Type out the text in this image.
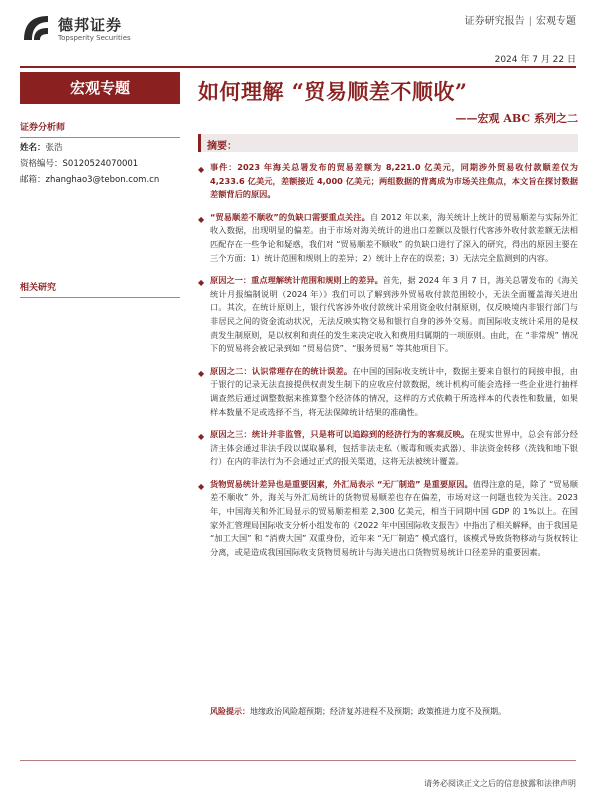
德邦证券
Topsperity Securities
证券研究报告 | 宏观专题
2024 年 7 月 22 日
宏观专题
证券分析师
姓名：张浩
资格编号：S0120524070001
邮箱：zhanghao3@tebon.com.cn
相关研究
如何理解 “贸易顺差不顺收”
——宏观 ABC 系列之二
摘要：
◆ 事件：2023 年海关总署发布的贸易差额为 8,221.0 亿美元，同期涉外贸易收付款顺差仅为 4,233.6 亿美元，差额接近 4,000 亿美元；两组数据的背离成为市场关注焦点，本文旨在探讨数据差额背后的原因。
◆ “贸易顺差不顺收”的负缺口需要重点关注。自 2012 年以来，海关统计上统计的贸易顺差与实际外汇收入数据，出现明显的偏差。由于市场对海关统计的进出口差额以及银行代客涉外收付款差额无法相匹配存在一些争论和疑惑，我们对 “贸易顺差不顺收” 的负缺口进行了深入的研究，得出的原因主要在三个方面：1）统计范围和规则上的差异；2）统计上存在的误差；3）无法完全监测到的内容。
◆ 原因之一：重点理解统计范围和规则上的差异。首先，据 2024 年 3 月 7 日，海关总署发布的《海关统计月报编制说明（2024 年）》我们可以了解到涉外贸易收付款范围较小，无法全面覆盖海关进出口。其次，在统计原则上，银行代客涉外收付款统计采用资金收付制原则，仅反映境内非银行部门与非居民之间的资金流动状况，无法反映实物交易和银行自身的涉外交易。而国际收支统计采用的是权责发生制原则，是以权利和责任的发生来决定收入和费用归属期的一项原则。由此，在 “非常规” 情况下的贸易将会被记录到如 “贸易信贷”、“服务贸易” 等其他项目下。
◆ 原因之二：认识常理存在的统计误差。在中国的国际收支统计中，数据主要来自银行的间接申报，由于银行的记录无法直接提供权责发生制下的应收应付款数据，统计机构可能会选择一些企业进行抽样调查然后通过调整数据来推算整个经济体的情况，这样的方式依赖于所选样本的代表性和数量，如果样本数量不足或选择不当，将无法保障统计结果的准确性。
◆ 原因之三：统计并非监管，只是将可以追踪到的经济行为的客观反映。在现实世界中，总会有部分经济主体会通过非法手段以谋取暴利，包括非法走私（贩毒和贩卖武器）、非法资金转移（洗钱和地下银行）在内的非法行为不会通过正式的报关渠道，这将无法被统计覆盖。
◆ 货物贸易统计差异也是重要因素，外汇局表示 “无厂制造” 是重要原因。值得注意的是，除了 “贸易顺差不顺收” 外，海关与外汇局统计的货物贸易顺差也存在偏差，市场对这一问题也较为关注。2023 年，中国海关和外汇局显示的贸易顺差相差 2,300 亿美元，相当于同期中国 GDP 的 1%以上。在国家外汇管理局国际收支分析小组发布的《2022 年中国国际收支报告》中指出了相关解释，由于我国是 “加工大国” 和 “消费大国” 双重身份，近年来 “无厂制造” 模式盛行，该模式导致货物移动与货权转让分离，或是造成我国国际收支货物贸易统计与海关进出口货物贸易统计口径差异的重要因素。
风险提示：地缘政治风险超预期；经济复苏进程不及预期；政策推进力度不及预期。
请务必阅读正文之后的信息披露和法律声明
